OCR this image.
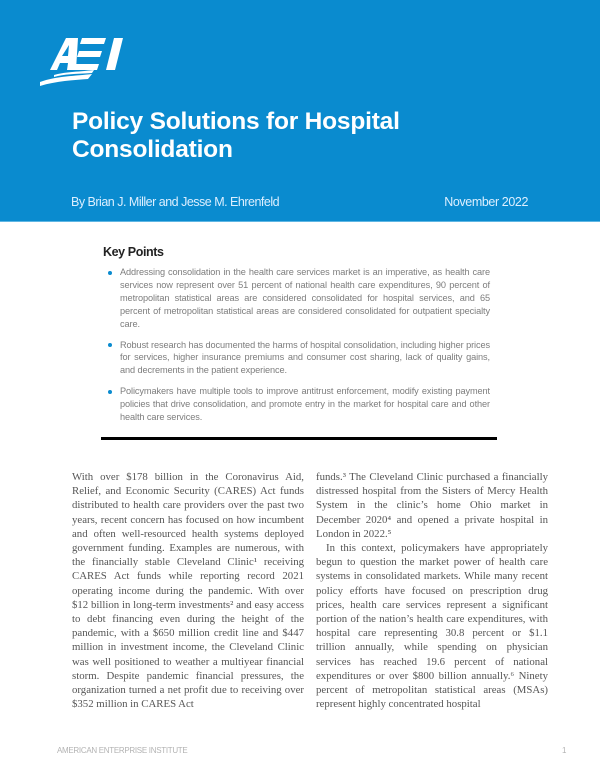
Policy Solutions for Hospital Consolidation
By Brian J. Miller and Jesse M. Ehrenfeld	November 2022
Key Points
Addressing consolidation in the health care services market is an imperative, as health care services now represent over 51 percent of national health care expenditures, 90 percent of metropolitan statistical areas are considered consolidated for hospital services, and 65 percent of metropolitan statistical areas are considered consolidated for outpatient specialty care.
Robust research has documented the harms of hospital consolidation, including higher prices for services, higher insurance premiums and consumer cost sharing, lack of quality gains, and decrements in the patient experience.
Policymakers have multiple tools to improve antitrust enforcement, modify existing payment policies that drive consolidation, and promote entry in the market for hospital care and other health care services.

With over $178 billion in the Coronavirus Aid, Relief, and Economic Security (CARES) Act funds distributed to health care providers over the past two years, recent concern has focused on how incumbent and often well-resourced health systems deployed government funding. Examples are numerous, with the financially stable Cleveland Clinic¹ receiving CARES Act funds while reporting record 2021 operating income during the pandemic. With over $12 billion in long-term investments² and easy access to debt financing even during the height of the pandemic, with a $650 million credit line and $447 million in investment income, the Cleveland Clinic was well positioned to weather a multiyear financial storm. Despite pandemic financial pressures, the organization turned a net profit due to receiving over $352 million in CARES Act

funds.³ The Cleveland Clinic purchased a financially distressed hospital from the Sisters of Mercy Health System in the clinic’s home Ohio market in December 2020⁴ and opened a private hospital in London in 2022.⁵

In this context, policymakers have appropriately begun to question the market power of health care systems in consolidated markets. While many recent policy efforts have focused on prescription drug prices, health care services represent a significant portion of the nation’s health care expenditures, with hospital care representing 30.8 percent or $1.1 trillion annually, while spending on physician services has reached 19.6 percent of national expenditures or over $800 billion annually.⁶ Ninety percent of metropolitan statistical areas (MSAs) represent highly concentrated hospital

AMERICAN ENTERPRISE INSTITUTE	1
